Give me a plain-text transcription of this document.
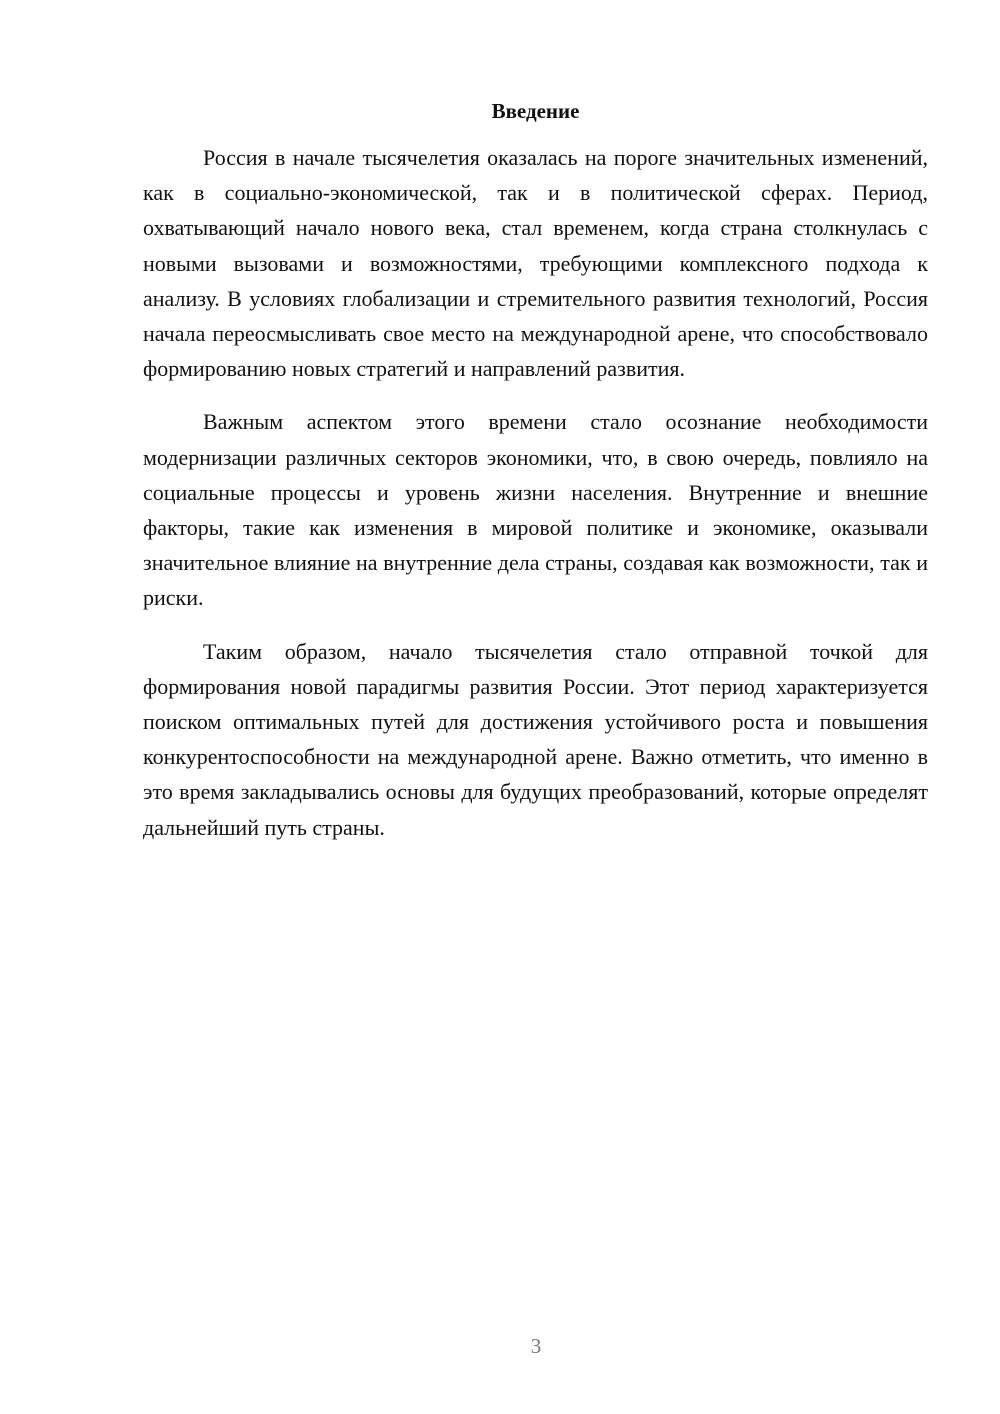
Введение

Россия в начале тысячелетия оказалась на пороге значительных изменений, как в социально-экономической, так и в политической сферах. Период, охватывающий начало нового века, стал временем, когда страна столкнулась с новыми вызовами и возможностями, требующими комплексного подхода к анализу. В условиях глобализации и стремительного развития технологий, Россия начала переосмысливать свое место на международной арене, что способствовало формированию новых стратегий и направлений развития.

Важным аспектом этого времени стало осознание необходимости модернизации различных секторов экономики, что, в свою очередь, повлияло на социальные процессы и уровень жизни населения. Внутренние и внешние факторы, такие как изменения в мировой политике и экономике, оказывали значительное влияние на внутренние дела страны, создавая как возможности, так и риски.

Таким образом, начало тысячелетия стало отправной точкой для формирования новой парадигмы развития России. Этот период характеризуется поиском оптимальных путей для достижения устойчивого роста и повышения конкурентоспособности на международной арене. Важно отметить, что именно в это время закладывались основы для будущих преобразований, которые определят дальнейший путь страны.

3
